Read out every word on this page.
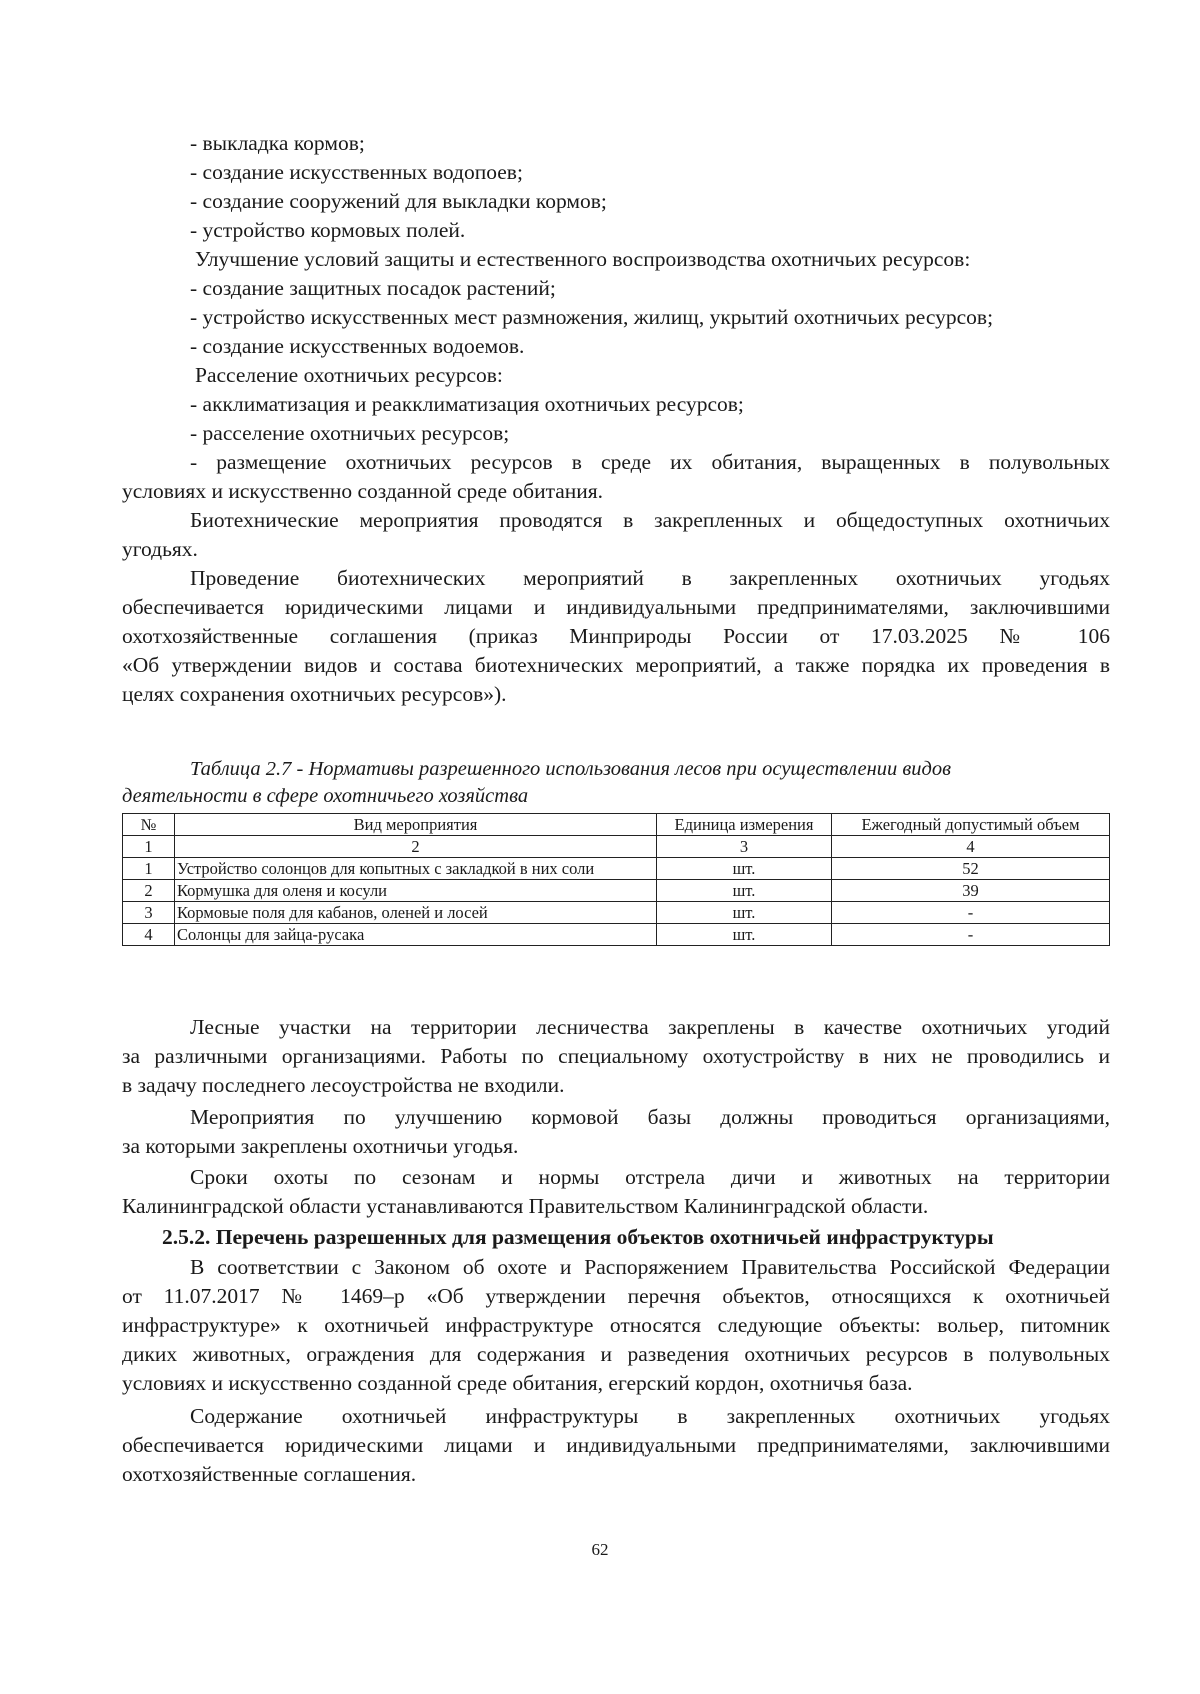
- выкладка кормов;
- создание искусственных водопоев;
- создание сооружений для выкладки кормов;
- устройство кормовых полей.
Улучшение условий защиты и естественного воспроизводства охотничьих ресурсов:
- создание защитных посадок растений;
- устройство искусственных мест размножения, жилищ, укрытий охотничьих ресурсов;
- создание искусственных водоемов.
Расселение охотничьих ресурсов:
- акклиматизация и реакклиматизация охотничьих ресурсов;
- расселение охотничьих ресурсов;
- размещение охотничьих ресурсов в среде их обитания, выращенных в полувольных
условиях и искусственно созданной среде обитания.
Биотехнические мероприятия проводятся в закрепленных и общедоступных охотничьих
угодьях.
Проведение биотехнических мероприятий в закрепленных охотничьих угодьях
обеспечивается юридическими лицами и индивидуальными предпринимателями, заключившими
охотхозяйственные соглашения (приказ Минприроды России от 17.03.2025 № 106
«Об утверждении видов и состава биотехнических мероприятий, а также порядка их проведения в
целях сохранения охотничьих ресурсов»).
Таблица 2.7 - Нормативы разрешенного использования лесов при осуществлении видов
деятельности в сфере охотничьего хозяйства
№	Вид мероприятия	Единица измерения	Ежегодный допустимый объем
1	2	3	4
1	Устройство солонцов для копытных с закладкой в них соли	шт.	52
2	Кормушка для оленя и косули	шт.	39
3	Кормовые поля для кабанов, оленей и лосей	шт.	-
4	Солонцы для зайца-русака	шт.	-
Лесные участки на территории лесничества закреплены в качестве охотничьих угодий
за различными организациями. Работы по специальному охотустройству в них не проводились и
в задачу последнего лесоустройства не входили.
Мероприятия по улучшению кормовой базы должны проводиться организациями,
за которыми закреплены охотничьи угодья.
Сроки охоты по сезонам и нормы отстрела дичи и животных на территории
Калининградской области устанавливаются Правительством Калининградской области.
2.5.2. Перечень разрешенных для размещения объектов охотничьей инфраструктуры
В соответствии с Законом об охоте и Распоряжением Правительства Российской Федерации
от 11.07.2017 № 1469–р «Об утверждении перечня объектов, относящихся к охотничьей
инфраструктуре» к охотничьей инфраструктуре относятся следующие объекты: вольер, питомник
диких животных, ограждения для содержания и разведения охотничьих ресурсов в полувольных
условиях и искусственно созданной среде обитания, егерский кордон, охотничья база.
Содержание охотничьей инфраструктуры в закрепленных охотничьих угодьях
обеспечивается юридическими лицами и индивидуальными предпринимателями, заключившими
охотхозяйственные соглашения.
62
